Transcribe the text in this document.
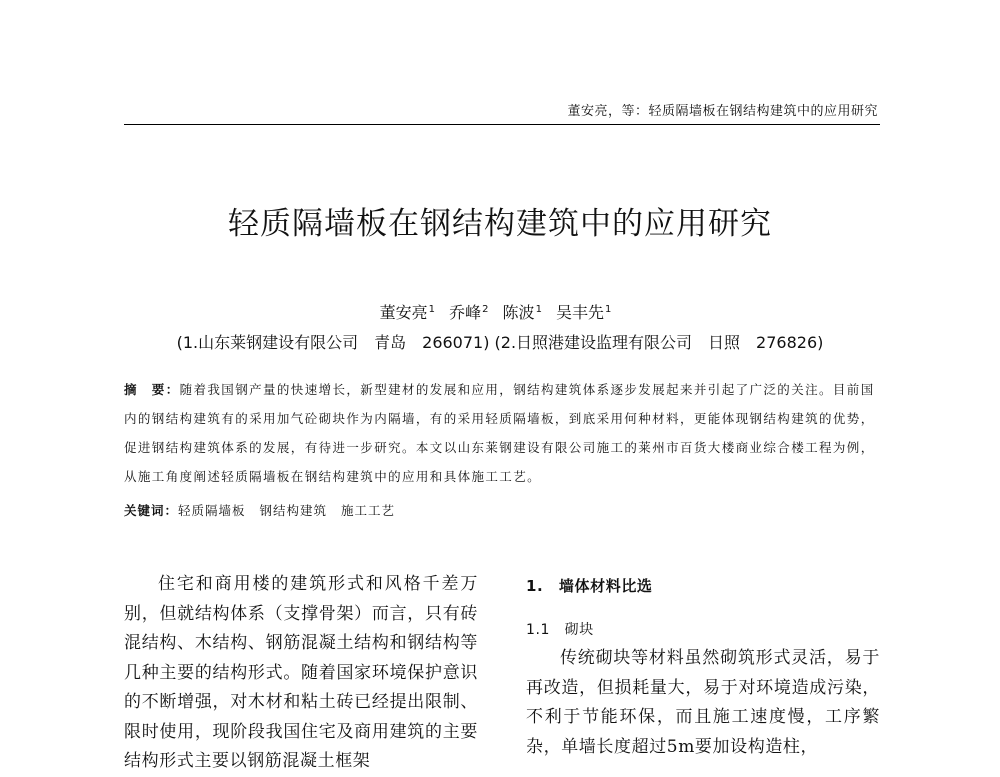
董安亮，等：轻质隔墙板在钢结构建筑中的应用研究
轻质隔墙板在钢结构建筑中的应用研究
董安亮$^1$ 乔峰$^2$ 陈波$^1$ 吴丰先$^1$
(1.山东莱钢建设有限公司　青岛　266071) (2.日照港建设监理有限公司　日照　276826)
摘　要：随着我国钢产量的快速增长，新型建材的发展和应用，钢结构建筑体系逐步发展起来并引起了广泛的关注。目前国内的钢结构建筑有的采用加气砼砌块作为内隔墙，有的采用轻质隔墙板，到底采用何种材料，更能体现钢结构建筑的优势，促进钢结构建筑体系的发展，有待进一步研究。本文以山东莱钢建设有限公司施工的莱州市百货大楼商业综合楼工程为例，从施工角度阐述轻质隔墙板在钢结构建筑中的应用和具体施工工艺。
关键词：轻质隔墙板 钢结构建筑 施工工艺

住宅和商用楼的建筑形式和风格千差万别，但就结构体系（支撑骨架）而言，只有砖混结构、木结构、钢筋混凝土结构和钢结构等几种主要的结构形式。随着国家环境保护意识的不断增强，对木材和粘土砖已经提出限制、限时使用，现阶段我国住宅及商用建筑的主要结构形式主要以钢筋混凝土框架

1.　墙体材料比选
1.1　砌块

传统砌块等材料虽然砌筑形式灵活，易于再改造，但损耗量大，易于对环境造成污染，不利于节能环保，而且施工速度慢，工序繁杂，单墙长度超过5m要加设构造柱，
